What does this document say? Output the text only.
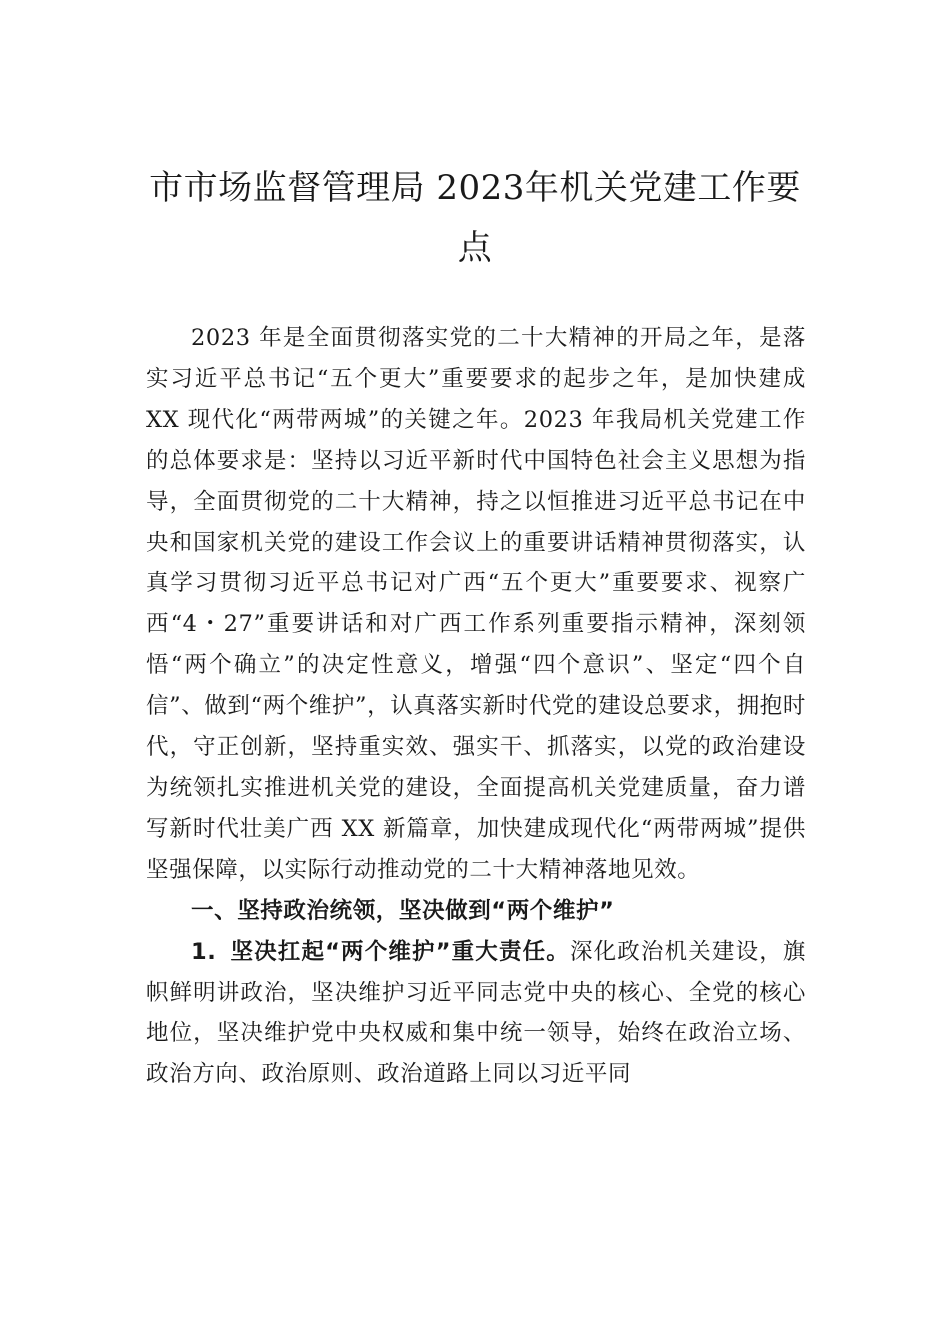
市市场监督管理局 2023年机关党建工作要点

2023 年是全面贯彻落实党的二十大精神的开局之年，是落实习近平总书记“五个更大”重要要求的起步之年，是加快建成 XX 现代化“两带两城”的关键之年。2023 年我局机关党建工作的总体要求是：坚持以习近平新时代中国特色社会主义思想为指导，全面贯彻党的二十大精神，持之以恒推进习近平总书记在中央和国家机关党的建设工作会议上的重要讲话精神贯彻落实，认真学习贯彻习近平总书记对广西“五个更大”重要要求、视察广西“4・27”重要讲话和对广西工作系列重要指示精神，深刻领悟“两个确立”的决定性意义，增强“四个意识”、坚定“四个自信”、做到“两个维护”，认真落实新时代党的建设总要求，拥抱时代，守正创新，坚持重实效、强实干、抓落实，以党的政治建设为统领扎实推进机关党的建设，全面提高机关党建质量，奋力谱写新时代壮美广西 XX 新篇章，加快建成现代化“两带两城”提供坚强保障，以实际行动推动党的二十大精神落地见效。

一、坚持政治统领，坚决做到“两个维护”

1. 坚决扛起“两个维护”重大责任。深化政治机关建设，旗帜鲜明讲政治，坚决维护习近平同志党中央的核心、全党的核心地位，坚决维护党中央权威和集中统一领导，始终在政治立场、政治方向、政治原则、政治道路上同以习近平同
